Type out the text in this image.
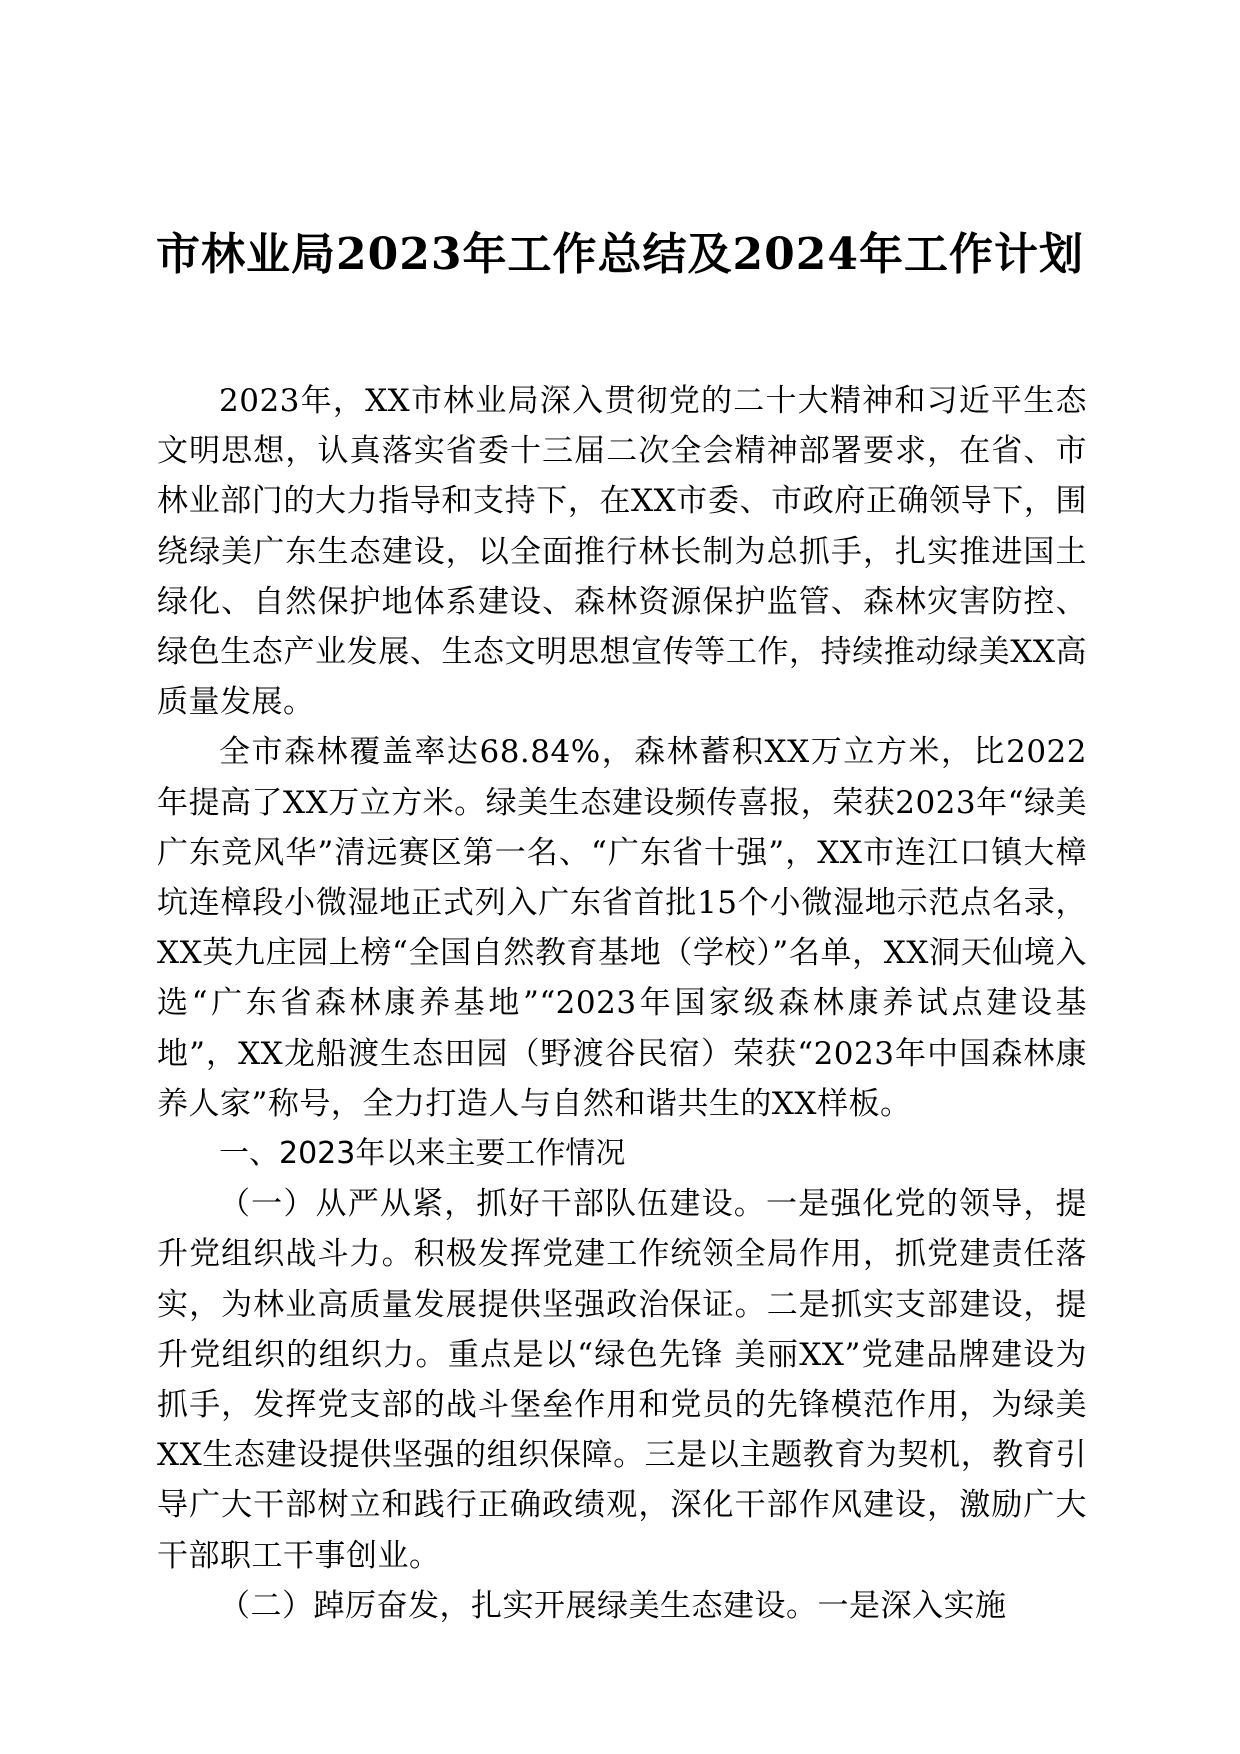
市林业局2023年工作总结及2024年工作计划

2023年，XX市林业局深入贯彻党的二十大精神和习近平生态文明思想，认真落实省委十三届二次全会精神部署要求，在省、市林业部门的大力指导和支持下，在XX市委、市政府正确领导下，围绕绿美广东生态建设，以全面推行林长制为总抓手，扎实推进国土绿化、自然保护地体系建设、森林资源保护监管、森林灾害防控、绿色生态产业发展、生态文明思想宣传等工作，持续推动绿美XX高质量发展。

全市森林覆盖率达68.84%，森林蓄积XX万立方米，比2022年提高了XX万立方米。绿美生态建设频传喜报，荣获2023年“绿美广东竞风华”清远赛区第一名、“广东省十强”，XX市连江口镇大樟坑连樟段小微湿地正式列入广东省首批15个小微湿地示范点名录，XX英九庄园上榜“全国自然教育基地（学校）”名单，XX洞天仙境入选“广东省森林康养基地”“2023年国家级森林康养试点建设基地”，XX龙船渡生态田园（野渡谷民宿）荣获“2023年中国森林康养人家”称号，全力打造人与自然和谐共生的XX样板。

一、2023年以来主要工作情况

（一）从严从紧，抓好干部队伍建设。一是强化党的领导，提升党组织战斗力。积极发挥党建工作统领全局作用，抓党建责任落实，为林业高质量发展提供坚强政治保证。二是抓实支部建设，提升党组织的组织力。重点是以“绿色先锋 美丽XX”党建品牌建设为抓手，发挥党支部的战斗堡垒作用和党员的先锋模范作用，为绿美XX生态建设提供坚强的组织保障。三是以主题教育为契机，教育引导广大干部树立和践行正确政绩观，深化干部作风建设，激励广大干部职工干事创业。

（二）踔厉奋发，扎实开展绿美生态建设。一是深入实施
